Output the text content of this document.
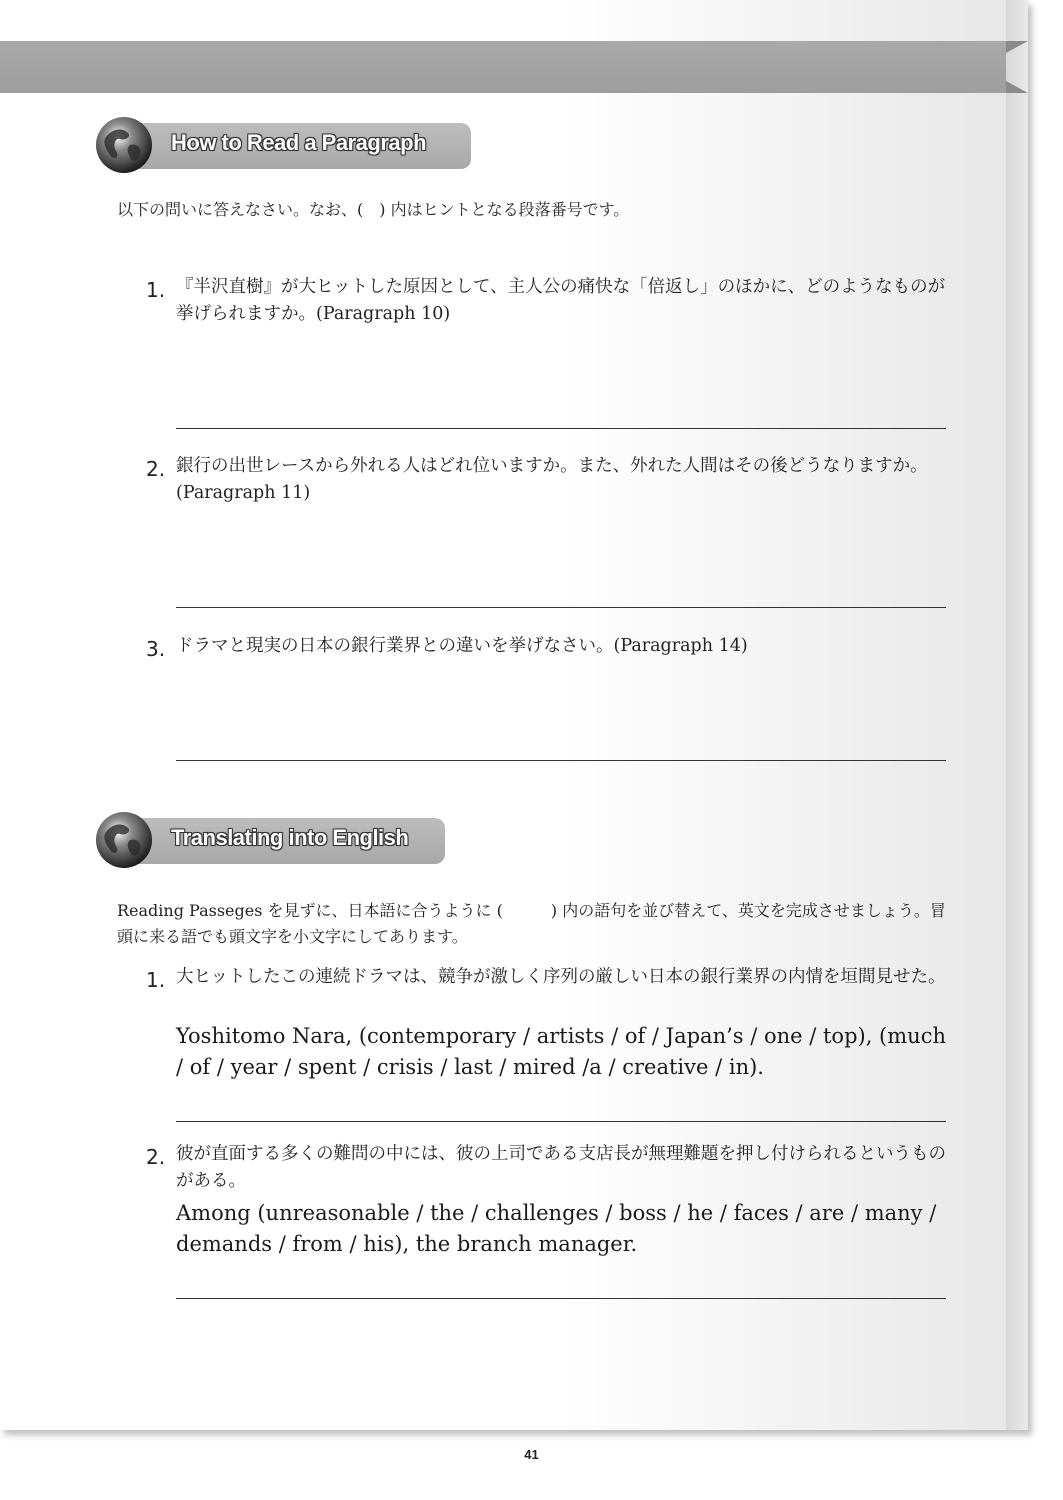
How to Read a Paragraph
以下の問いに答えなさい。なお、(　) 内はヒントとなる段落番号です。
1. 『半沢直樹』が大ヒットした原因として、主人公の痛快な「倍返し」のほかに、どのようなものが挙げられますか。(Paragraph 10)
2. 銀行の出世レースから外れる人はどれ位いますか。また、外れた人間はその後どうなりますか。(Paragraph 11)
3. ドラマと現実の日本の銀行業界との違いを挙げなさい。(Paragraph 14)
Translating into English
Reading Passeges を見ずに、日本語に合うように (　　　) 内の語句を並び替えて、英文を完成させましょう。冒頭に来る語でも頭文字を小文字にしてあります。
1. 大ヒットしたこの連続ドラマは、競争が激しく序列の厳しい日本の銀行業界の内情を垣間見せた。
Yoshitomo Nara, (contemporary / artists / of / Japan’s / one / top), (much / of / year / spent / crisis / last / mired /a / creative / in).
2. 彼が直面する多くの難問の中には、彼の上司である支店長が無理難題を押し付けられるというものがある。
Among (unreasonable / the / challenges / boss / he / faces / are / many / demands / from / his), the branch manager.
41
